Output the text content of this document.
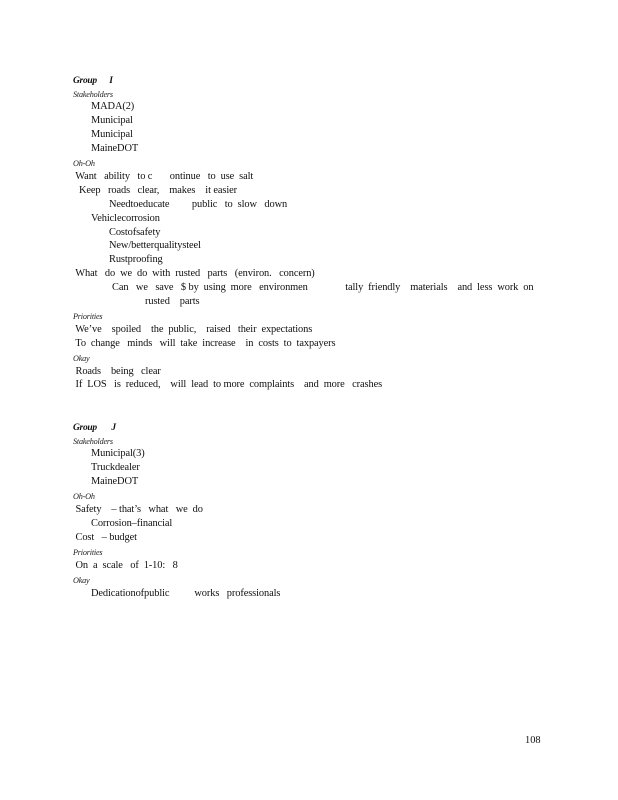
Group      I
Stakeholders
MADA(2)
Municipal
Municipal
MaineDOT
Oh-Oh
Want   ability   to c       ontinue   to  use  salt
Keep   roads   clear,    makes    it easier
Needtoeducate         public   to  slow   down
Vehiclecorrosion
Costofsafety
New/betterqualitysteel
Rustproofing
What   do  we  do  with  rusted   parts   (environ.   concern)
Can   we   save   $ by  using  more   environmen               tally  friendly    materials    and  less  work  on
rusted    parts
Priorities
We’ve    spoiled    the  public,    raised   their  expectations
To  change   minds   will  take  increase    in  costs  to  taxpayers
Okay
Roads    being   clear
If  LOS   is  reduced,    will  lead  to more  complaints    and  more   crashes
Group       J
Stakeholders
Municipal(3)
Truckdealer
MaineDOT
Oh-Oh
Safety    – that’s   what   we  do
Corrosion–financial
Cost   – budget
Priorities
On  a  scale   of  1-10:   8
Okay
Dedicationofpublic          works   professionals
108
